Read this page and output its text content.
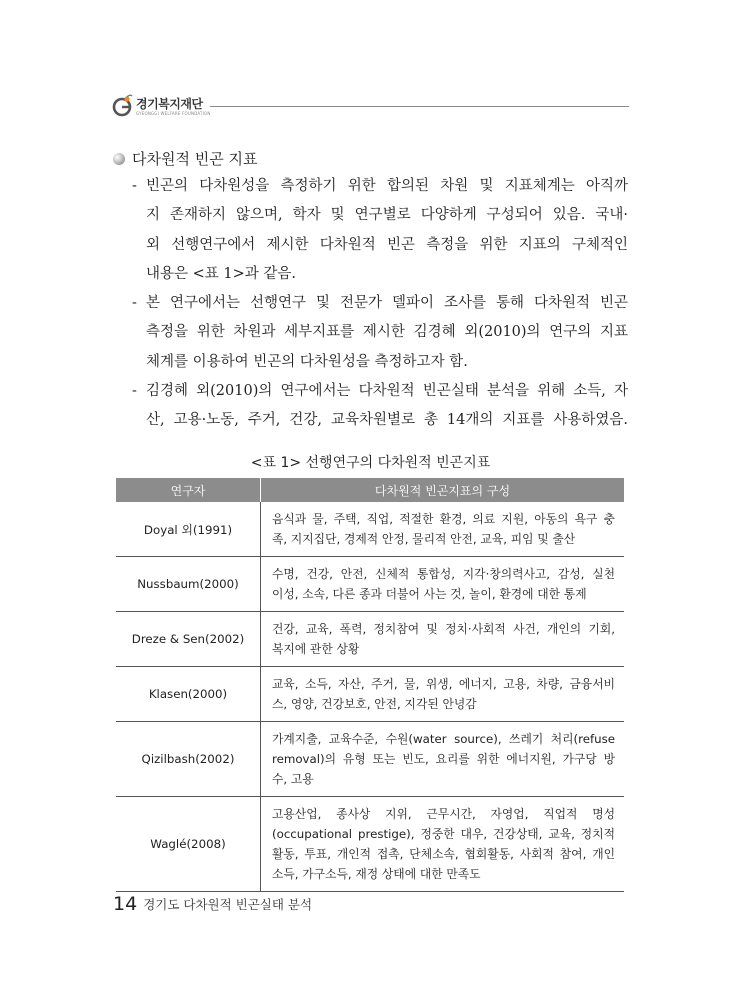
경기복지재단
GYEONGGI WELFARE FOUNDATION
다차원적 빈곤 지표
- 빈곤의 다차원성을 측정하기 위한 합의된 차원 및 지표체계는 아직까
지 존재하지 않으며, 학자 및 연구별로 다양하게 구성되어 있음. 국내·
외 선행연구에서 제시한 다차원적 빈곤 측정을 위한 지표의 구체적인
내용은 <표 1>과 같음.
- 본 연구에서는 선행연구 및 전문가 델파이 조사를 통해 다차원적 빈곤
측정을 위한 차원과 세부지표를 제시한 김경혜 외(2010)의 연구의 지표
체계를 이용하여 빈곤의 다차원성을 측정하고자 함.
- 김경혜 외(2010)의 연구에서는 다차원적 빈곤실태 분석을 위해 소득, 자
산, 고용·노동, 주거, 건강, 교육차원별로 총 14개의 지표를 사용하였음.
<표 1> 선행연구의 다차원적 빈곤지표
연구자	다차원적 빈곤지표의 구성
Doyal 외(1991)	음식과 물, 주택, 직업, 적절한 환경, 의료 지원, 아동의 욕구 충
족, 지지집단, 경제적 안정, 물리적 안전, 교육, 피임 및 출산

Nussbaum(2000)	수명, 건강, 안전, 신체적 통합성, 지각·창의력사고, 감성, 실천
이성, 소속, 다른 종과 더불어 사는 것, 놀이, 환경에 대한 통제

Dreze & Sen(2002)	건강, 교육, 폭력, 정치참여 및 정치·사회적 사건, 개인의 기회,
복지에 관한 상황

Klasen(2000)	교육, 소득, 자산, 주거, 물, 위생, 에너지, 고용, 차량, 금융서비
스, 영양, 건강보호, 안전, 지각된 안녕감

Qizilbash(2002)	가계지출, 교육수준, 수원(water source), 쓰레기 처리(refuse
removal)의 유형 또는 빈도, 요리를 위한 에너지원, 가구당 방
수, 고용

Waglé(2008)	고용산업, 종사상 지위, 근무시간, 자영업, 직업적 명성
(occupational prestige), 정중한 대우, 건강상태, 교육, 정치적
활동, 투표, 개인적 접촉, 단체소속, 협회활동, 사회적 참여, 개인
소득, 가구소득, 재정 상태에 대한 만족도
14 경기도 다차원적 빈곤실태 분석
